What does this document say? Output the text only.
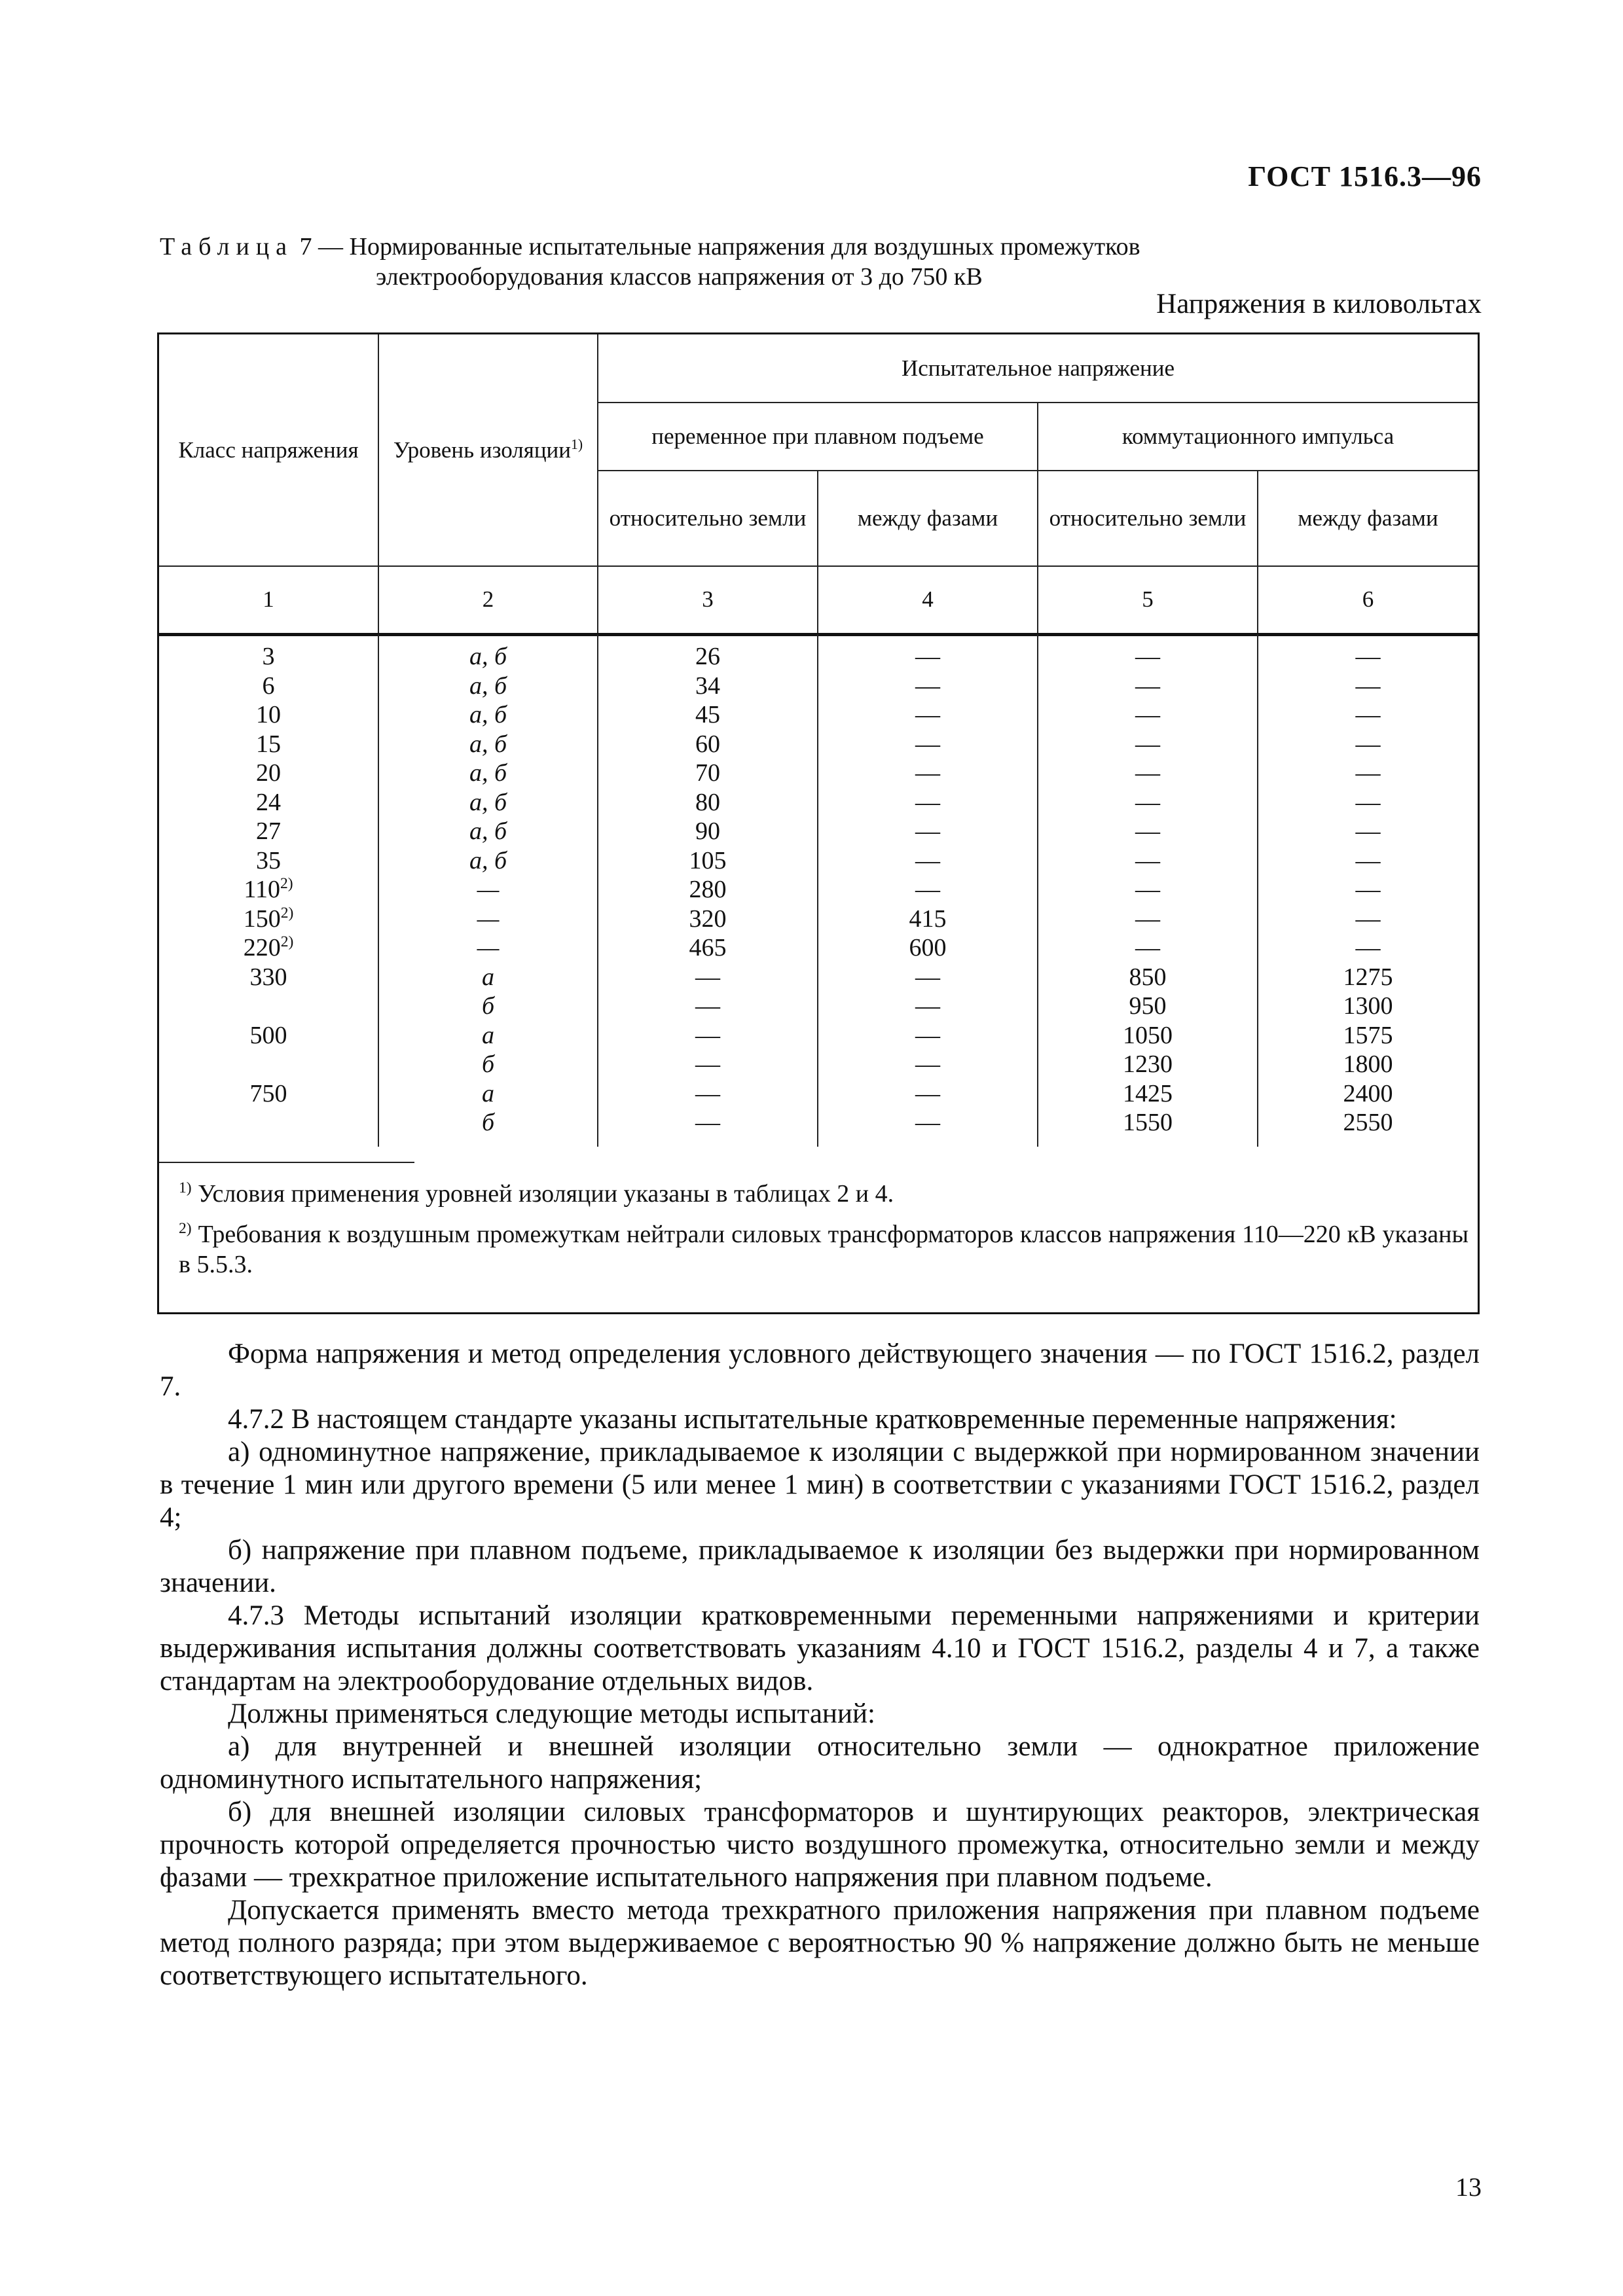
ГОСТ 1516.3—96
Таблица 7 — Нормированные испытательные напряжения для воздушных промежутков
электрооборудования классов напряжения от 3 до 750 кВ
Напряжения в киловольтах
Класс напряжения	Уровень изоляции$^{1)}$	Испытательное напряжение			
		переменное при плавном подъеме		коммутационного импульса	
		относительно земли	между фазами	относительно земли	между фазами
1	2	3	4	5	6
3	а, б	26	—	—	—
6	а, б	34	—	—	—
10	а, б	45	—	—	—
15	а, б	60	—	—	—
20	а, б	70	—	—	—
24	а, б	80	—	—	—
27	а, б	90	—	—	—
35	а, б	105	—	—	—
110$^{2)}$	—	280	—	—	—
150$^{2)}$	—	320	415	—	—
220$^{2)}$	—	465	600	—	—
330	а	—	—	850	1275
	б	—	—	950	1300
500	а	—	—	1050	1575
	б	—	—	1230	1800
750	а	—	—	1425	2400
	б	—	—	1550	2550

$^{1)}$ Условия применения уровней изоляции указаны в таблицах 2 и 4.

$^{2)}$ Требования к воздушным промежуткам нейтрали силовых трансформаторов классов напряжения 110—220 кВ указаны в 5.5.3.

Форма напряжения и метод определения условного действующего значения — по ГОСТ 1516.2, раздел 7.

4.7.2 В настоящем стандарте указаны испытательные кратковременные переменные напряжения:

а) одноминутное напряжение, прикладываемое к изоляции с выдержкой при нормированном значении в течение 1 мин или другого времени (5 или менее 1 мин) в соответствии с указаниями ГОСТ 1516.2, раздел 4;

б) напряжение при плавном подъеме, прикладываемое к изоляции без выдержки при нормированном значении.

4.7.3 Методы испытаний изоляции кратковременными переменными напряжениями и критерии выдерживания испытания должны соответствовать указаниям 4.10 и ГОСТ 1516.2, разделы 4 и 7, а также стандартам на электрооборудование отдельных видов.

Должны применяться следующие методы испытаний:

а) для внутренней и внешней изоляции относительно земли — однократное приложение одноминутного испытательного напряжения;

б) для внешней изоляции силовых трансформаторов и шунтирующих реакторов, электрическая прочность которой определяется прочностью чисто воздушного промежутка, относительно земли и между фазами — трехкратное приложение испытательного напряжения при плавном подъеме.

Допускается применять вместо метода трехкратного приложения напряжения при плавном подъеме метод полного разряда; при этом выдерживаемое с вероятностью 90 % напряжение должно быть не меньше соответствующего испытательного.

13
